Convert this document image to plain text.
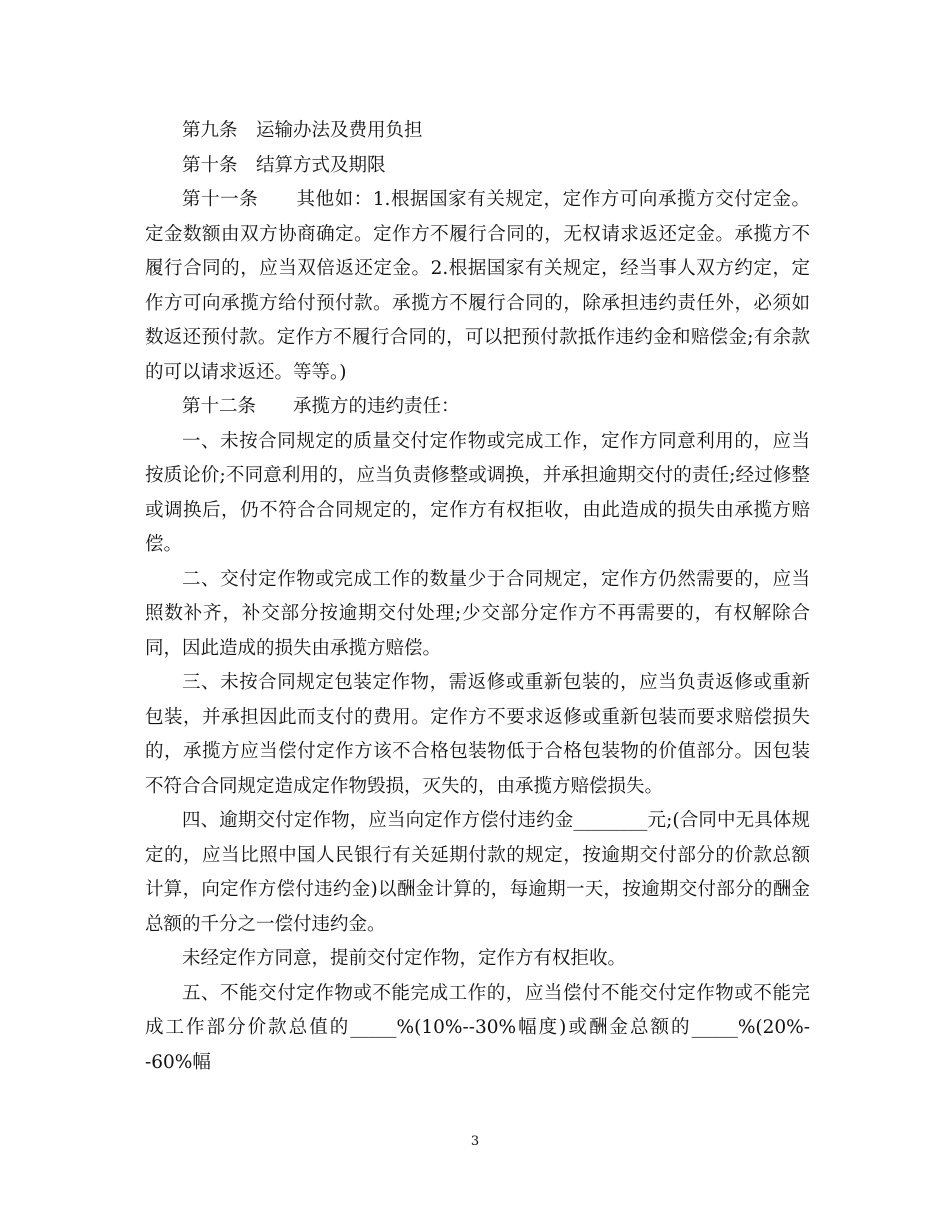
第九条　运输办法及费用负担

第十条　结算方式及期限

第十一条　　其他如：1.根据国家有关规定，定作方可向承揽方交付定金。定金数额由双方协商确定。定作方不履行合同的，无权请求返还定金。承揽方不履行合同的，应当双倍返还定金。2.根据国家有关规定，经当事人双方约定，定作方可向承揽方给付预付款。承揽方不履行合同的，除承担违约责任外，必须如数返还预付款。定作方不履行合同的，可以把预付款抵作违约金和赔偿金;有余款的可以请求返还。等等。)

第十二条　　承揽方的违约责任：

一、未按合同规定的质量交付定作物或完成工作，定作方同意利用的，应当按质论价;不同意利用的，应当负责修整或调换，并承担逾期交付的责任;经过修整或调换后，仍不符合合同规定的，定作方有权拒收，由此造成的损失由承揽方赔偿。

二、交付定作物或完成工作的数量少于合同规定，定作方仍然需要的，应当照数补齐，补交部分按逾期交付处理;少交部分定作方不再需要的，有权解除合同，因此造成的损失由承揽方赔偿。

三、未按合同规定包装定作物，需返修或重新包装的，应当负责返修或重新包装，并承担因此而支付的费用。定作方不要求返修或重新包装而要求赔偿损失的，承揽方应当偿付定作方该不合格包装物低于合格包装物的价值部分。因包装不符合合同规定造成定作物毁损，灭失的，由承揽方赔偿损失。

四、逾期交付定作物，应当向定作方偿付违约金________元;(合同中无具体规定的，应当比照中国人民银行有关延期付款的规定，按逾期交付部分的价款总额计算，向定作方偿付违约金)以酬金计算的，每逾期一天，按逾期交付部分的酬金总额的千分之一偿付违约金。

未经定作方同意，提前交付定作物，定作方有权拒收。

五、不能交付定作物或不能完成工作的，应当偿付不能交付定作物或不能完成工作部分价款总值的_____%(10%--30%幅度)或酬金总额的_____%(20%--60%幅

3
